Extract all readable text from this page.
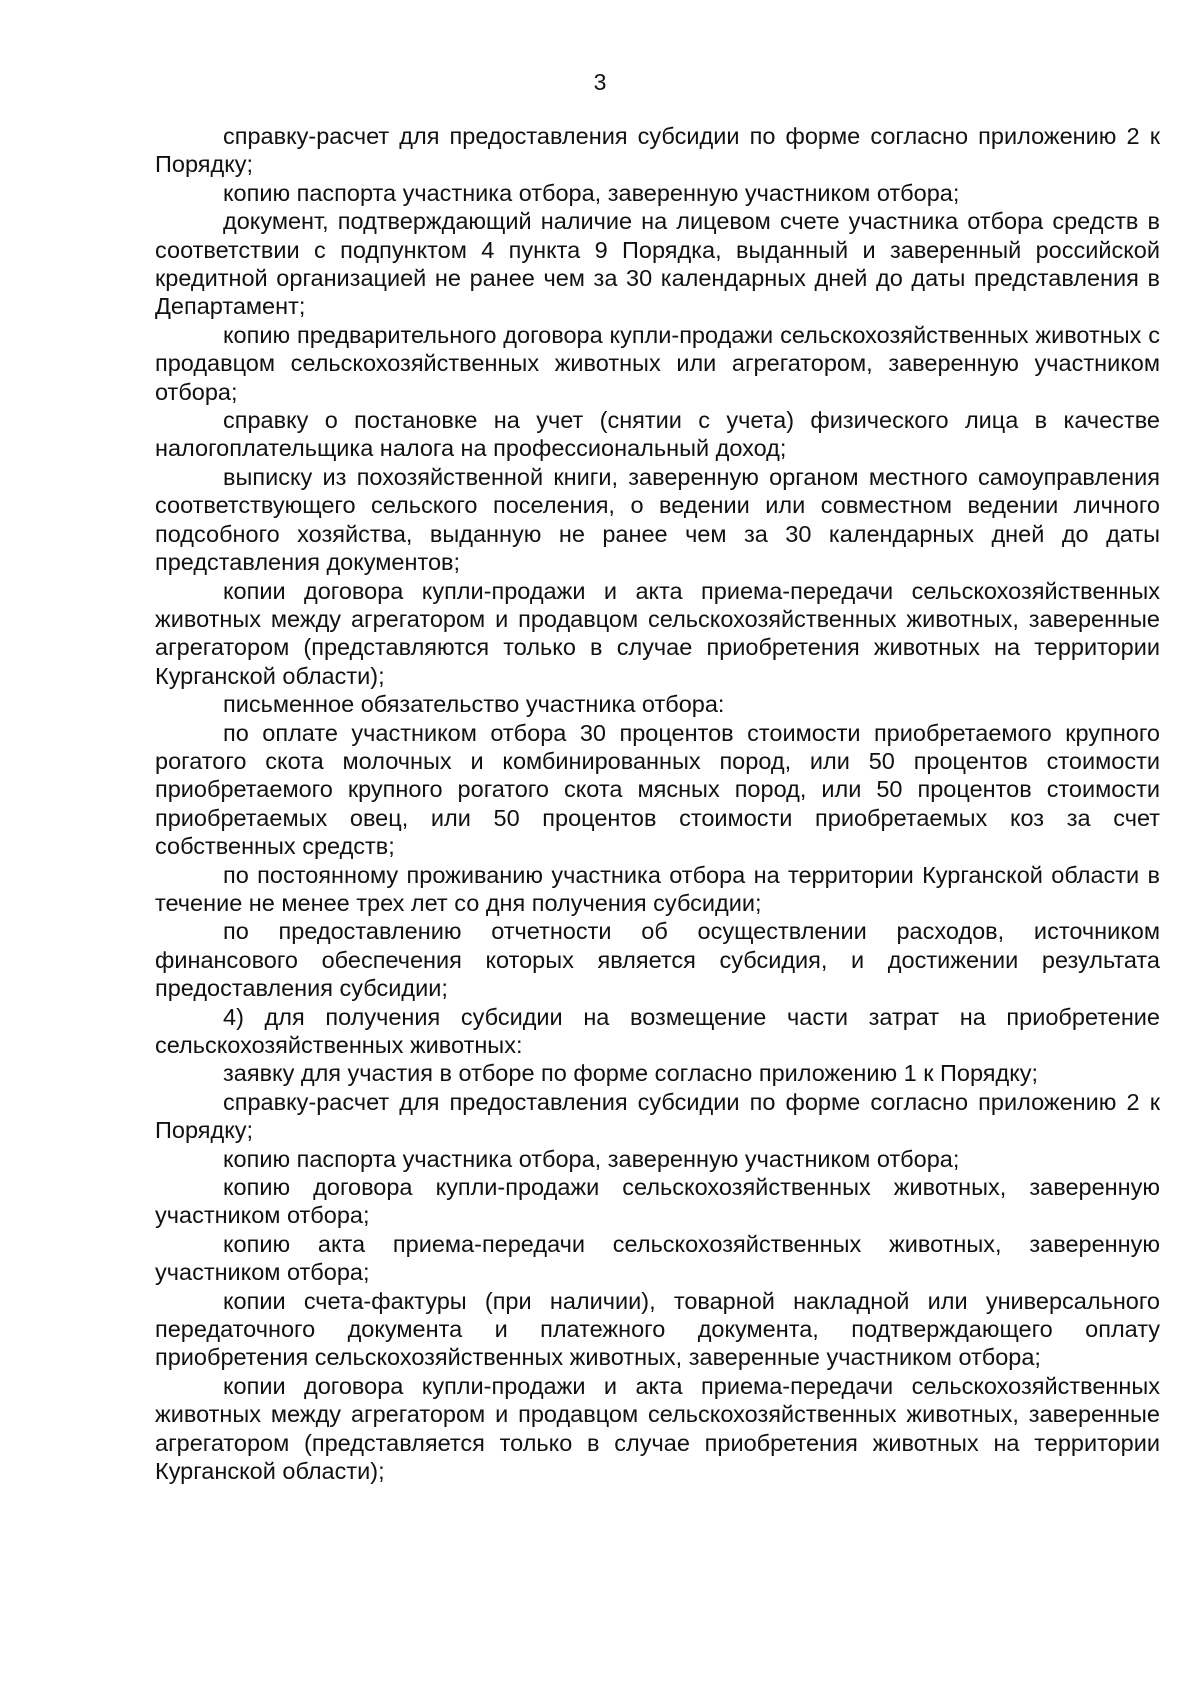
3

справку-расчет для предоставления субсидии по форме согласно приложению 2 к Порядку;

копию паспорта участника отбора, заверенную участником отбора;

документ, подтверждающий наличие на лицевом счете участника отбора средств в соответствии с подпунктом 4 пункта 9 Порядка, выданный и заверенный российской кредитной организацией не ранее чем за 30 календарных дней до даты представления в Департамент;

копию предварительного договора купли-продажи сельскохозяйственных животных с продавцом сельскохозяйственных животных или агрегатором, заверенную участником отбора;

справку о постановке на учет (снятии с учета) физического лица в качестве налогоплательщика налога на профессиональный доход;

выписку из похозяйственной книги, заверенную органом местного самоуправления соответствующего сельского поселения, о ведении или совместном ведении личного подсобного хозяйства, выданную не ранее чем за 30 календарных дней до даты представления документов;

копии договора купли-продажи и акта приема-передачи сельскохозяйственных животных между агрегатором и продавцом сельскохозяйственных животных, заверенные агрегатором (представляются только в случае приобретения животных на территории Курганской области);

письменное обязательство участника отбора:

по оплате участником отбора 30 процентов стоимости приобретаемого крупного рогатого скота молочных и комбинированных пород, или 50 процентов стоимости приобретаемого крупного рогатого скота мясных пород, или 50 процентов стоимости приобретаемых овец, или 50 процентов стоимости приобретаемых коз за счет собственных средств;

по постоянному проживанию участника отбора на территории Курганской области в течение не менее трех лет со дня получения субсидии;

по предоставлению отчетности об осуществлении расходов, источником финансового обеспечения которых является субсидия, и достижении результата предоставления субсидии;

4) для получения субсидии на возмещение части затрат на приобретение сельскохозяйственных животных:

заявку для участия в отборе по форме согласно приложению 1 к Порядку;

справку-расчет для предоставления субсидии по форме согласно приложению 2 к Порядку;

копию паспорта участника отбора, заверенную участником отбора;

копию договора купли-продажи сельскохозяйственных животных, заверенную участником отбора;

копию акта приема-передачи сельскохозяйственных животных, заверенную участником отбора;

копии счета-фактуры (при наличии), товарной накладной или универсального передаточного документа и платежного документа, подтверждающего оплату приобретения сельскохозяйственных животных, заверенные участником отбора;

копии договора купли-продажи и акта приема-передачи сельскохозяйственных животных между агрегатором и продавцом сельскохозяйственных животных, заверенные агрегатором (представляется только в случае приобретения животных на территории Курганской области);
